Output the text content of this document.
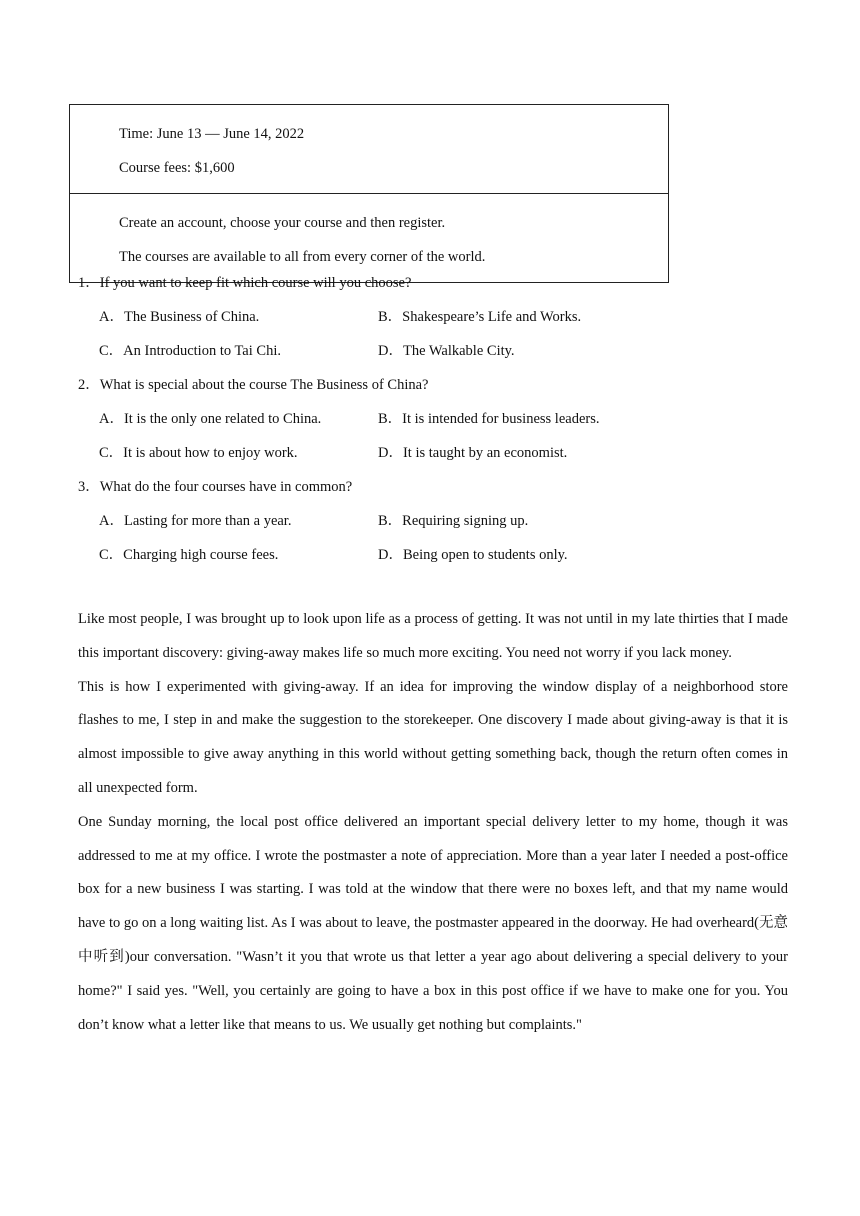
Time: June 13 — June 14, 2022
Course fees: $1,600
Create an account, choose your course and then register.
The courses are available to all from every corner of the world.
1．If you want to keep fit which course will you choose?
A．The Business of China.	B．Shakespeare’s Life and Works.
C．An Introduction to Tai Chi.	D．The Walkable City.
2．What is special about the course The Business of China?
A．It is the only one related to China.	B．It is intended for business leaders.
C．It is about how to enjoy work.	D．It is taught by an economist.
3．What do the four courses have in common?
A．Lasting for more than a year.	B．Requiring signing up.
C．Charging high course fees.	D．Being open to students only.

Like most people, I was brought up to look upon life as a process of getting. It was not until in my late thirties that I made this important discovery: giving-away makes life so much more exciting. You need not worry if you lack money.

This is how I experimented with giving-away. If an idea for improving the window display of a neighborhood store flashes to me, I step in and make the suggestion to the storekeeper. One discovery I made about giving-away is that it is almost impossible to give away anything in this world without getting something back, though the return often comes in all unexpected form.

One Sunday morning, the local post office delivered an important special delivery letter to my home, though it was addressed to me at my office. I wrote the postmaster a note of appreciation. More than a year later I needed a post-office box for a new business I was starting. I was told at the window that there were no boxes left, and that my name would have to go on a long waiting list. As I was about to leave, the postmaster appeared in the doorway. He had overheard(无意中听到)our conversation. "Wasn’t it you that wrote us that letter a year ago about delivering a special delivery to your home?" I said yes. "Well, you certainly are going to have a box in this post office if we have to make one for you. You don’t know what a letter like that means to us. We usually get nothing but complaints."
